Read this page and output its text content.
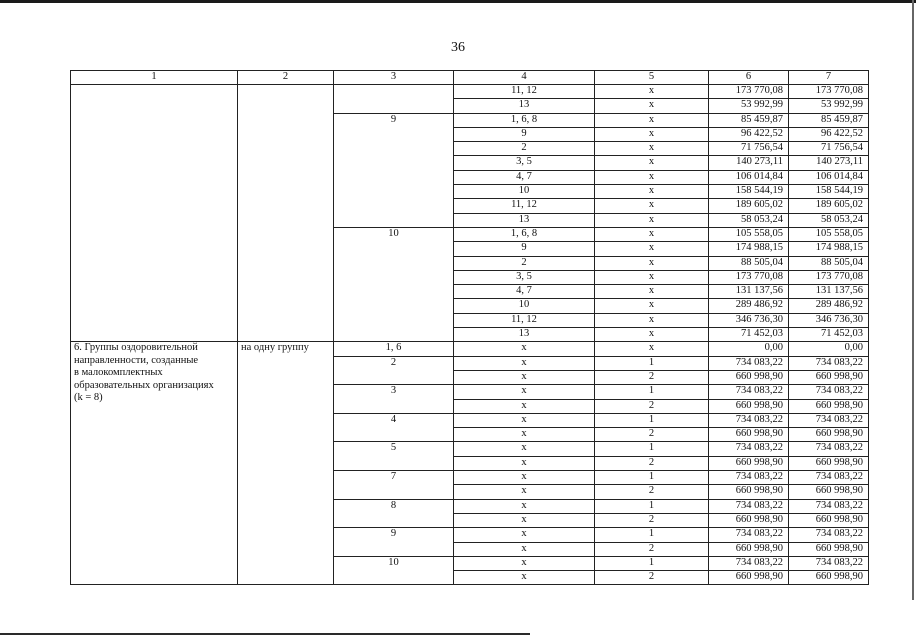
36
1	2	3	4	5	6	7
			11, 12	x	173 770,08	173 770,08
			13	x	53 992,99	53 992,99
		9	1, 6, 8	x	85 459,87	85 459,87
			9	x	96 422,52	96 422,52
			2	x	71 756,54	71 756,54
			3, 5	x	140 273,11	140 273,11
			4, 7	x	106 014,84	106 014,84
			10	x	158 544,19	158 544,19
			11, 12	x	189 605,02	189 605,02
			13	x	58 053,24	58 053,24
		10	1, 6, 8	x	105 558,05	105 558,05
			9	x	174 988,15	174 988,15
			2	x	88 505,04	88 505,04
			3, 5	x	173 770,08	173 770,08
			4, 7	x	131 137,56	131 137,56
			10	x	289 486,92	289 486,92
			11, 12	x	346 736,30	346 736,30
			13	x	71 452,03	71 452,03

6. Группы оздоровительной
направленности, созданные
в малокомплектных
образовательных организациях
(k = 8)	на одну группу	1, 6	x	x	0,00	0,00
		2	x	1	734 083,22	734 083,22
			x	2	660 998,90	660 998,90
		3	x	1	734 083,22	734 083,22
			x	2	660 998,90	660 998,90
		4	x	1	734 083,22	734 083,22
			x	2	660 998,90	660 998,90
		5	x	1	734 083,22	734 083,22
			x	2	660 998,90	660 998,90
		7	x	1	734 083,22	734 083,22
			x	2	660 998,90	660 998,90
		8	x	1	734 083,22	734 083,22
			x	2	660 998,90	660 998,90
		9	x	1	734 083,22	734 083,22
			x	2	660 998,90	660 998,90
		10	x	1	734 083,22	734 083,22
			x	2	660 998,90	660 998,90
